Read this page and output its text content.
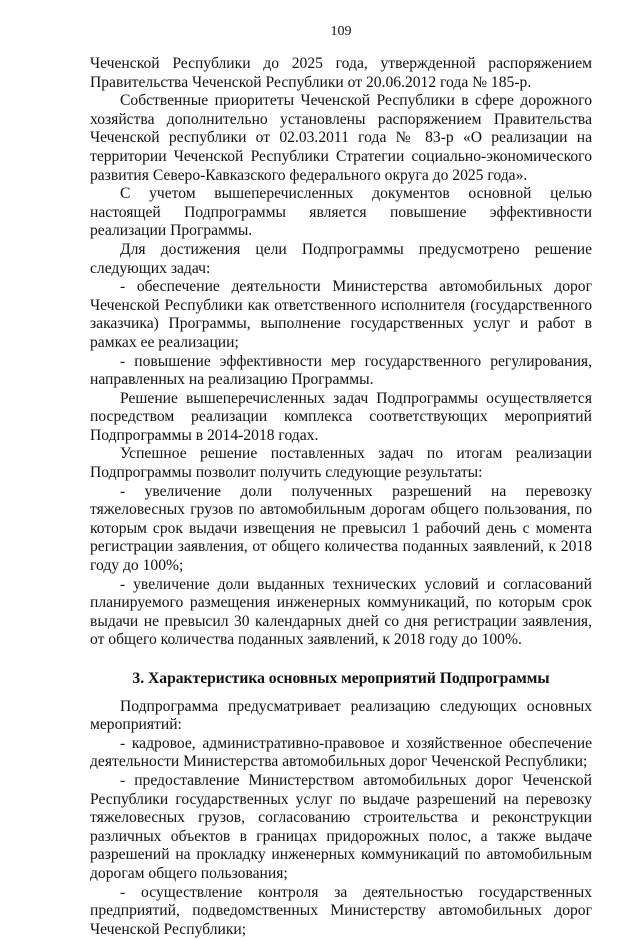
109

Чеченской Республики до 2025 года, утвержденной распоряжением Правительства Чеченской Республики от 20.06.2012 года № 185-р.

Собственные приоритеты Чеченской Республики в сфере дорожного хозяйства дополнительно установлены распоряжением Правительства Чеченской республики от 02.03.2011 года № 83-р «О реализации на территории Чеченской Республики Стратегии социально-экономического развития Северо-Кавказского федерального округа до 2025 года».

С учетом вышеперечисленных документов основной целью настоящей Подпрограммы является повышение эффективности реализации Программы.

Для достижения цели Подпрограммы предусмотрено решение следующих задач:

- обеспечение деятельности Министерства автомобильных дорог Чеченской Республики как ответственного исполнителя (государственного заказчика) Программы, выполнение государственных услуг и работ в рамках ее реализации;

- повышение эффективности мер государственного регулирования, направленных на реализацию Программы.

Решение вышеперечисленных задач Подпрограммы осуществляется посредством реализации комплекса соответствующих мероприятий Подпрограммы в 2014-2018 годах.

Успешное решение поставленных задач по итогам реализации Подпрограммы позволит получить следующие результаты:

- увеличение доли полученных разрешений на перевозку тяжеловесных грузов по автомобильным дорогам общего пользования, по которым срок выдачи извещения не превысил 1 рабочий день с момента регистрации заявления, от общего количества поданных заявлений, к 2018 году до 100%;

- увеличение доли выданных технических условий и согласований планируемого размещения инженерных коммуникаций, по которым срок выдачи не превысил 30 календарных дней со дня регистрации заявления, от общего количества поданных заявлений, к 2018 году до 100%.

3. Характеристика основных мероприятий Подпрограммы

Подпрограмма предусматривает реализацию следующих основных мероприятий:

- кадровое, административно-правовое и хозяйственное обеспечение деятельности Министерства автомобильных дорог Чеченской Республики;

- предоставление Министерством автомобильных дорог Чеченской Республики государственных услуг по выдаче разрешений на перевозку тяжеловесных грузов, согласованию строительства и реконструкции различных объектов в границах придорожных полос, а также выдаче разрешений на прокладку инженерных коммуникаций по автомобильным дорогам общего пользования;

- осуществление контроля за деятельностью государственных предприятий, подведомственных Министерству автомобильных дорог Чеченской Республики;
